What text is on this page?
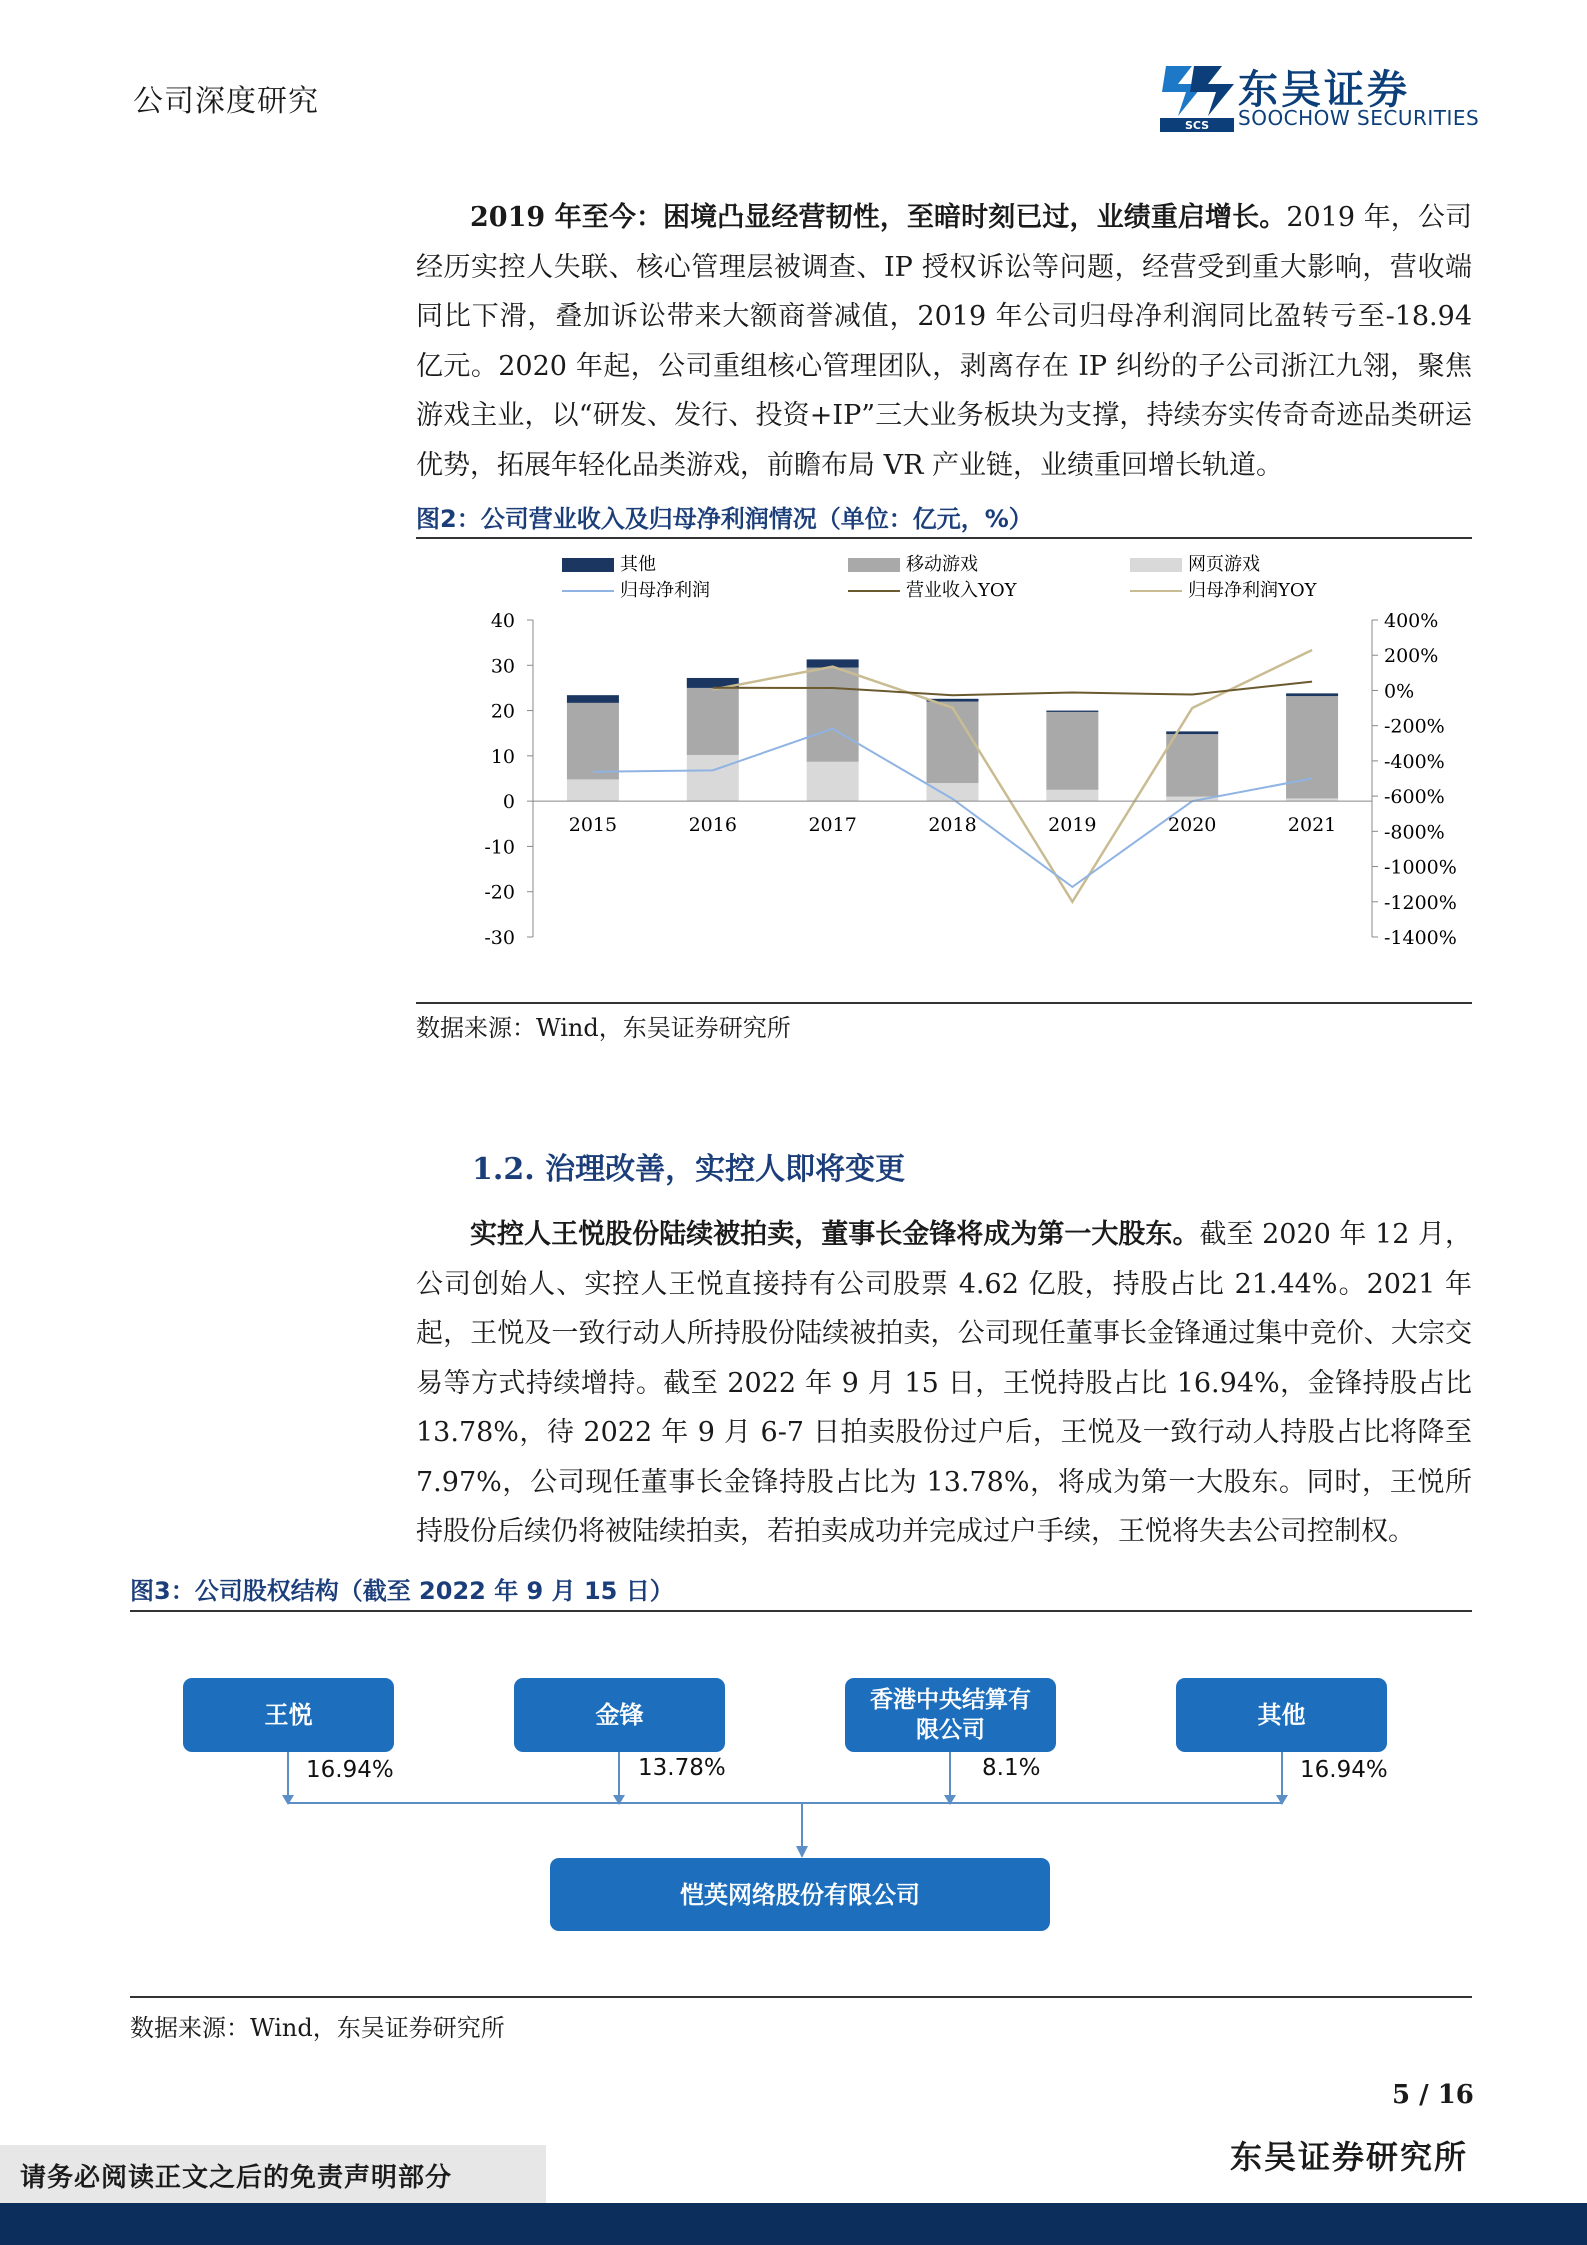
公司深度研究
SCS
东吴证券
SOOCHOW SECURITIES
2019 年至今：困境凸显经营韧性，至暗时刻已过，业绩重启增长。2019 年，公司经历实控人失联、核心管理层被调查、IP 授权诉讼等问题，经营受到重大影响，营收端同比下滑，叠加诉讼带来大额商誉减值，2019 年公司归母净利润同比盈转亏至-18.94 亿元。2020 年起，公司重组核心管理团队，剥离存在 IP 纠纷的子公司浙江九翎，聚焦游戏主业，以“研发、发行、投资+IP”三大业务板块为支撑，持续夯实传奇奇迹品类研运优势，拓展年轻化品类游戏，前瞻布局 VR 产业链，业绩重回增长轨道。
图2：公司营业收入及归母净利润情况（单位：亿元，%）
其他	移动游戏	网页游戏
归母净利润	营业收入YOY	归母净利润YOY
40
30
20
10
0
-10
-20
-30
400%
200%
0%
-200%
-400%
-600%
-800%
-1000%
-1200%
-1400%
2015	2016	2017	2018	2019	2020	2021
数据来源：Wind，东吴证券研究所
1.2. 治理改善，实控人即将变更
实控人王悦股份陆续被拍卖，董事长金锋将成为第一大股东。截至 2020 年 12 月，公司创始人、实控人王悦直接持有公司股票 4.62 亿股，持股占比 21.44%。2021 年起，王悦及一致行动人所持股份陆续被拍卖，公司现任董事长金锋通过集中竞价、大宗交易等方式持续增持。截至 2022 年 9 月 15 日，王悦持股占比 16.94%，金锋持股占比 13.78%，待 2022 年 9 月 6-7 日拍卖股份过户后，王悦及一致行动人持股占比将降至 7.97%，公司现任董事长金锋持股占比为 13.78%，将成为第一大股东。同时，王悦所持股份后续仍将被陆续拍卖，若拍卖成功并完成过户手续，王悦将失去公司控制权。
图3：公司股权结构（截至 2022 年 9 月 15 日）
王悦	金锋
香港中央结算有限公司
其他
16.94%	13.78%	8.1%	16.94%
恺英网络股份有限公司
数据来源：Wind，东吴证券研究所
5 / 16
东吴证券研究所
请务必阅读正文之后的免责声明部分
